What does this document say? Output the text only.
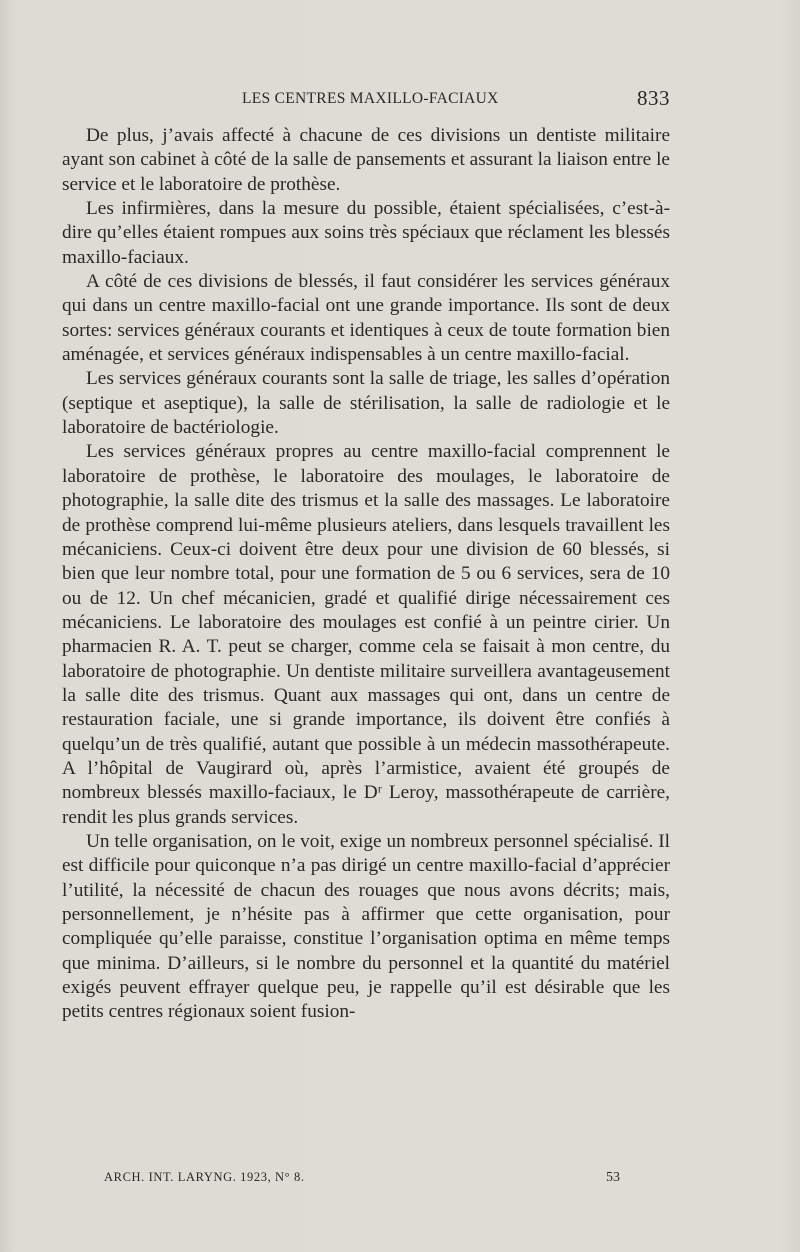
LES CENTRES MAXILLO-FACIAUX	833

De plus, j’avais affecté à chacune de ces divisions un dentiste militaire ayant son cabinet à côté de la salle de pansements et assurant la liaison entre le service et le laboratoire de prothèse.

Les infirmières, dans la mesure du possible, étaient spécialisées, c’est-à-dire qu’elles étaient rompues aux soins très spéciaux que réclament les blessés maxillo-faciaux.

A côté de ces divisions de blessés, il faut considérer les services généraux qui dans un centre maxillo-facial ont une grande importance. Ils sont de deux sortes: services généraux courants et identiques à ceux de toute formation bien aménagée, et services généraux indispensables à un centre maxillo-facial.

Les services généraux courants sont la salle de triage, les salles d’opération (septique et aseptique), la salle de stérilisation, la salle de radiologie et le laboratoire de bactériologie.

Les services généraux propres au centre maxillo-facial comprennent le laboratoire de prothèse, le laboratoire des moulages, le laboratoire de photographie, la salle dite des trismus et la salle des massages. Le laboratoire de prothèse comprend lui-même plusieurs ateliers, dans lesquels travaillent les mécaniciens. Ceux-ci doivent être deux pour une division de 60 blessés, si bien que leur nombre total, pour une formation de 5 ou 6 services, sera de 10 ou de 12. Un chef mécanicien, gradé et qualifié dirige nécessairement ces mécaniciens. Le laboratoire des moulages est confié à un peintre cirier. Un pharmacien R. A. T. peut se charger, comme cela se faisait à mon centre, du laboratoire de photographie. Un dentiste militaire surveillera avantageusement la salle dite des trismus. Quant aux massages qui ont, dans un centre de restauration faciale, une si grande importance, ils doivent être confiés à quelqu’un de très qualifié, autant que possible à un médecin massothérapeute. A l’hôpital de Vaugirard où, après l’armistice, avaient été groupés de nombreux blessés maxillo-faciaux, le Dʳ Leroy, massothérapeute de carrière, rendit les plus grands services.

Un telle organisation, on le voit, exige un nombreux personnel spécialisé. Il est difficile pour quiconque n’a pas dirigé un centre maxillo-facial d’apprécier l’utilité, la nécessité de chacun des rouages que nous avons décrits; mais, personnellement, je n’hésite pas à affirmer que cette organisation, pour compliquée qu’elle paraisse, constitue l’organisation optima en même temps que minima. D’ailleurs, si le nombre du personnel et la quantité du matériel exigés peuvent effrayer quelque peu, je rappelle qu’il est désirable que les petits centres régionaux soient fusion-

ARCH. INT. LARYNG. 1923, N° 8.	53
